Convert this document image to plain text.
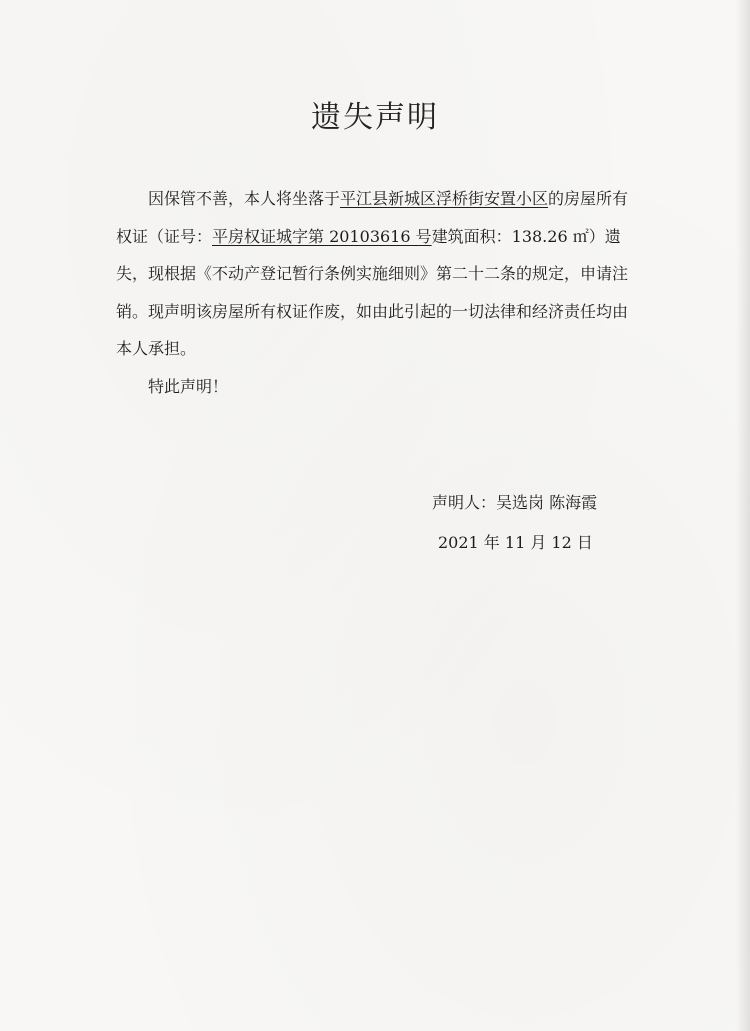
遗失声明

因保管不善，本人将坐落于平江县新城区浮桥街安置小区的房屋所有权证（证号：平房权证城字第 20103616 号建筑面积：138.26 ㎡）遗失，现根据《不动产登记暂行条例实施细则》第二十二条的规定，申请注销。现声明该房屋所有权证作废，如由此引起的一切法律和经济责任均由本人承担。

特此声明！

声明人：吴选岗 陈海霞
2021 年 11 月 12 日
